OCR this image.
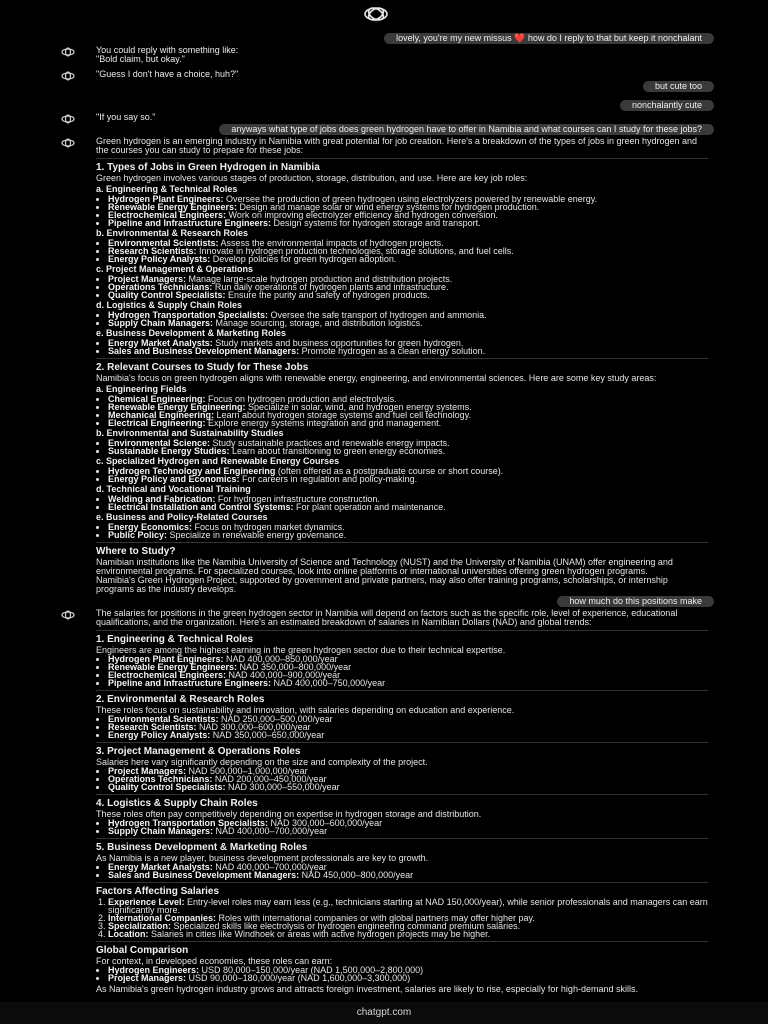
lovely, you're my new missus ❤️ how do I reply to that but keep it nonchalant

You could reply with something like:

"Bold claim, but okay."

"Guess I don't have a choice, huh?"

but cute too
nonchalantly cute

"If you say so."

anyways what type of jobs does green hydrogen have to offer in Namibia and what courses can I study for these jobs?

Green hydrogen is an emerging industry in Namibia with great potential for job creation. Here's a breakdown of the types of jobs in green hydrogen and the courses you can study to prepare for these jobs:

1. Types of Jobs in Green Hydrogen in Namibia

Green hydrogen involves various stages of production, storage, distribution, and use. Here are key job roles:

a. Engineering & Technical Roles
• Hydrogen Plant Engineers: Oversee the production of green hydrogen using electrolyzers powered by renewable energy.
• Renewable Energy Engineers: Design and manage solar or wind energy systems for hydrogen production.
• Electrochemical Engineers: Work on improving electrolyzer efficiency and hydrogen conversion.
• Pipeline and Infrastructure Engineers: Design systems for hydrogen storage and transport.
b. Environmental & Research Roles
• Environmental Scientists: Assess the environmental impacts of hydrogen projects.
• Research Scientists: Innovate in hydrogen production technologies, storage solutions, and fuel cells.
• Energy Policy Analysts: Develop policies for green hydrogen adoption.
c. Project Management & Operations
• Project Managers: Manage large-scale hydrogen production and distribution projects.
• Operations Technicians: Run daily operations of hydrogen plants and infrastructure.
• Quality Control Specialists: Ensure the purity and safety of hydrogen products.
d. Logistics & Supply Chain Roles
• Hydrogen Transportation Specialists: Oversee the safe transport of hydrogen and ammonia.
• Supply Chain Managers: Manage sourcing, storage, and distribution logistics.
e. Business Development & Marketing Roles
• Energy Market Analysts: Study markets and business opportunities for green hydrogen.
• Sales and Business Development Managers: Promote hydrogen as a clean energy solution.
2. Relevant Courses to Study for These Jobs

Namibia's focus on green hydrogen aligns with renewable energy, engineering, and environmental sciences. Here are some key study areas:

a. Engineering Fields
• Chemical Engineering: Focus on hydrogen production and electrolysis.
• Renewable Energy Engineering: Specialize in solar, wind, and hydrogen energy systems.
• Mechanical Engineering: Learn about hydrogen storage systems and fuel cell technology.
• Electrical Engineering: Explore energy systems integration and grid management.
b. Environmental and Sustainability Studies
• Environmental Science: Study sustainable practices and renewable energy impacts.
• Sustainable Energy Studies: Learn about transitioning to green energy economies.
c. Specialized Hydrogen and Renewable Energy Courses
• Hydrogen Technology and Engineering (often offered as a postgraduate course or short course).
• Energy Policy and Economics: For careers in regulation and policy-making.
d. Technical and Vocational Training
• Welding and Fabrication: For hydrogen infrastructure construction.
• Electrical Installation and Control Systems: For plant operation and maintenance.
e. Business and Policy-Related Courses
• Energy Economics: Focus on hydrogen market dynamics.
• Public Policy: Specialize in renewable energy governance.
Where to Study?

Namibian institutions like the Namibia University of Science and Technology (NUST) and the University of Namibia (UNAM) offer engineering and environmental programs. For specialized courses, look into online platforms or international universities offering green hydrogen programs.

Namibia's Green Hydrogen Project, supported by government and private partners, may also offer training programs, scholarships, or internship programs as the industry develops.

how much do this positions make

The salaries for positions in the green hydrogen sector in Namibia will depend on factors such as the specific role, level of experience, educational qualifications, and the organization. Here's an estimated breakdown of salaries in Namibian Dollars (NAD) and global trends:

1. Engineering & Technical Roles

Engineers are among the highest earning in the green hydrogen sector due to their technical expertise.

• Hydrogen Plant Engineers: NAD 400,000–850,000/year
• Renewable Energy Engineers: NAD 350,000–800,000/year
• Electrochemical Engineers: NAD 400,000–900,000/year
• Pipeline and Infrastructure Engineers: NAD 400,000–750,000/year
2. Environmental & Research Roles

These roles focus on sustainability and innovation, with salaries depending on education and experience.

• Environmental Scientists: NAD 250,000–500,000/year
• Research Scientists: NAD 300,000–600,000/year
• Energy Policy Analysts: NAD 350,000–650,000/year
3. Project Management & Operations Roles

Salaries here vary significantly depending on the size and complexity of the project.

• Project Managers: NAD 500,000–1,000,000/year
• Operations Technicians: NAD 200,000–450,000/year
• Quality Control Specialists: NAD 300,000–550,000/year
4. Logistics & Supply Chain Roles

These roles often pay competitively depending on expertise in hydrogen storage and distribution.

• Hydrogen Transportation Specialists: NAD 300,000–600,000/year
• Supply Chain Managers: NAD 400,000–700,000/year
5. Business Development & Marketing Roles

As Namibia is a new player, business development professionals are key to growth.

• Energy Market Analysts: NAD 400,000–700,000/year
• Sales and Business Development Managers: NAD 450,000–800,000/year
Factors Affecting Salaries
1. Experience Level: Entry-level roles may earn less (e.g., technicians starting at NAD 150,000/year), while senior professionals and managers can earn significantly more.
2. International Companies: Roles with international companies or with global partners may offer higher pay.
3. Specialization: Specialized skills like electrolysis or hydrogen engineering command premium salaries.
4. Location: Salaries in cities like Windhoek or areas with active hydrogen projects may be higher.
Global Comparison

For context, in developed economies, these roles can earn:

• Hydrogen Engineers: USD 80,000–150,000/year (NAD 1,500,000–2,800,000)
• Project Managers: USD 90,000–180,000/year (NAD 1,600,000–3,300,000)

As Namibia's green hydrogen industry grows and attracts foreign investment, salaries are likely to rise, especially for high-demand skills.

chatgpt.com
